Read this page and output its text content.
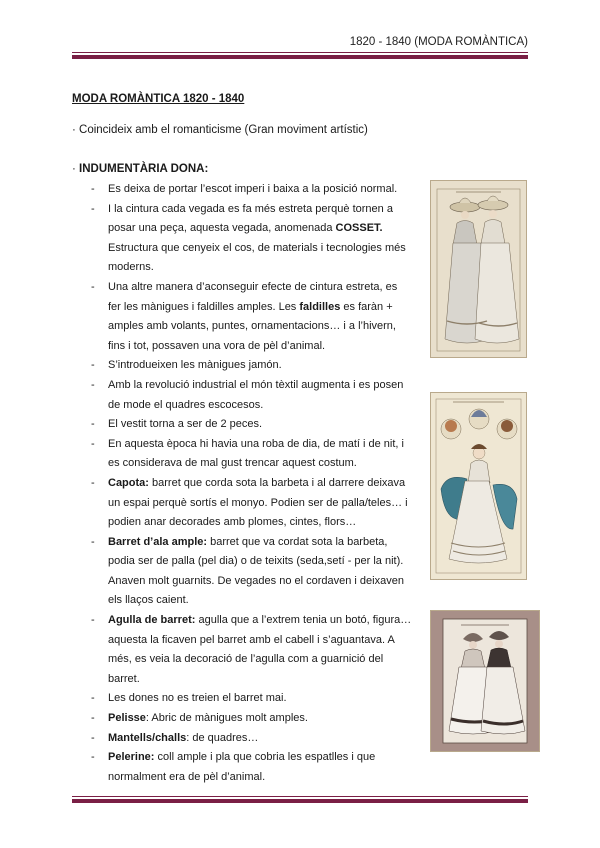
1820 - 1840 (MODA ROMÀNTICA)
MODA ROMÀNTICA 1820 - 1840
· Coincideix amb el romanticisme (Gran moviment artístic)
· INDUMENTÀRIA DONA:
- Es deixa de portar l’escot imperi i baixa a la posició normal.
- I la cintura cada vegada es fa més estreta perquè tornen a posar una peça, aquesta vegada, anomenada COSSET. Estructura que cenyeix el cos, de materials i tecnologies més moderns.
- Una altre manera d’aconseguir efecte de cintura estreta, es fer les mànigues i faldilles amples. Les faldilles es faràn + amples amb volants, puntes, ornamentacions… i a l’hivern, fins i tot, possaven una vora de pèl d’animal.
- S’introdueixen les mànigues jamón.
- Amb la revolució industrial el món tèxtil augmenta i es posen de mode el quadres escocesos.
- El vestit torna a ser de 2 peces.
- En aquesta època hi havia una roba de dia, de matí i de nit, i es considerava de mal gust trencar aquest costum.
- Capota: barret que corda sota la barbeta i al darrere deixava un espai perquè sortís el monyo. Podien ser de palla/teles… i podien anar decorades amb plomes, cintes, flors…
- Barret d’ala ample: barret que va cordat sota la barbeta, podia ser de palla (pel dia) o de teixits (seda,setí - per la nit). Anaven molt guarnits. De vegades no el cordaven i deixaven els llaços caient.
- Agulla de barret: agulla que a l’extrem tenia un botó, figura… aquesta la ficaven pel barret amb el cabell i s’aguantava. A més, es veia la decoració de l’agulla com a guarnició del barret.
- Les dones no es treien el barret mai.
- Pelisse: Abric de mànigues molt amples.
- Mantells/challs: de quadres…
- Pelerine: coll ample i pla que cobria les espatlles i que normalment era de pèl d’animal.
